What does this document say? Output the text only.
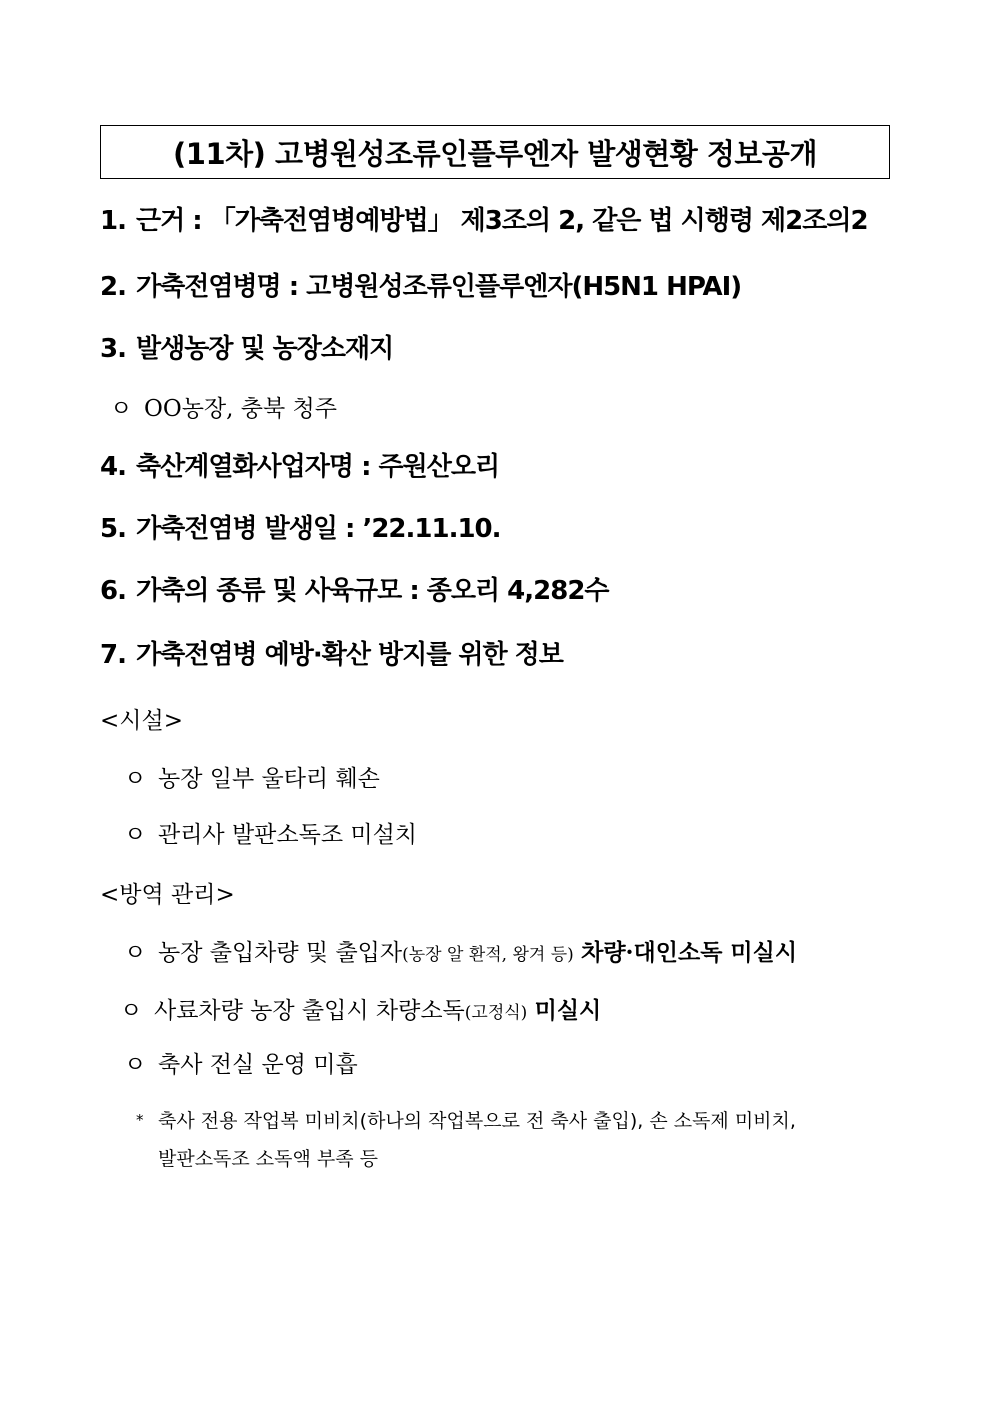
(11차) 고병원성조류인플루엔자 발생현황 정보공개
1. 근거 : 「가축전염병예방법」 제3조의 2, 같은 법 시행령 제2조의2
2. 가축전염병명 : 고병원성조류인플루엔자(H5N1 HPAI)
3. 발생농장 및 농장소재지
ㅇ OO농장, 충북 청주
4. 축산계열화사업자명 : 주원산오리
5. 가축전염병 발생일 : ’22.11.10.
6. 가축의 종류 및 사육규모 : 종오리 4,282수
7. 가축전염병 예방·확산 방지를 위한 정보
<시설>
ㅇ 농장 일부 울타리 훼손
ㅇ 관리사 발판소독조 미설치
<방역 관리>
ㅇ 농장 출입차량 및 출입자(농장 알 환적, 왕겨 등) 차량·대인소독 미실시
ㅇ 사료차량 농장 출입시 차량소독(고정식) 미실시
ㅇ 축사 전실 운영 미흡
* 축사 전용 작업복 미비치(하나의 작업복으로 전 축사 출입), 손 소독제 미비치,
발판소독조 소독액 부족 등
